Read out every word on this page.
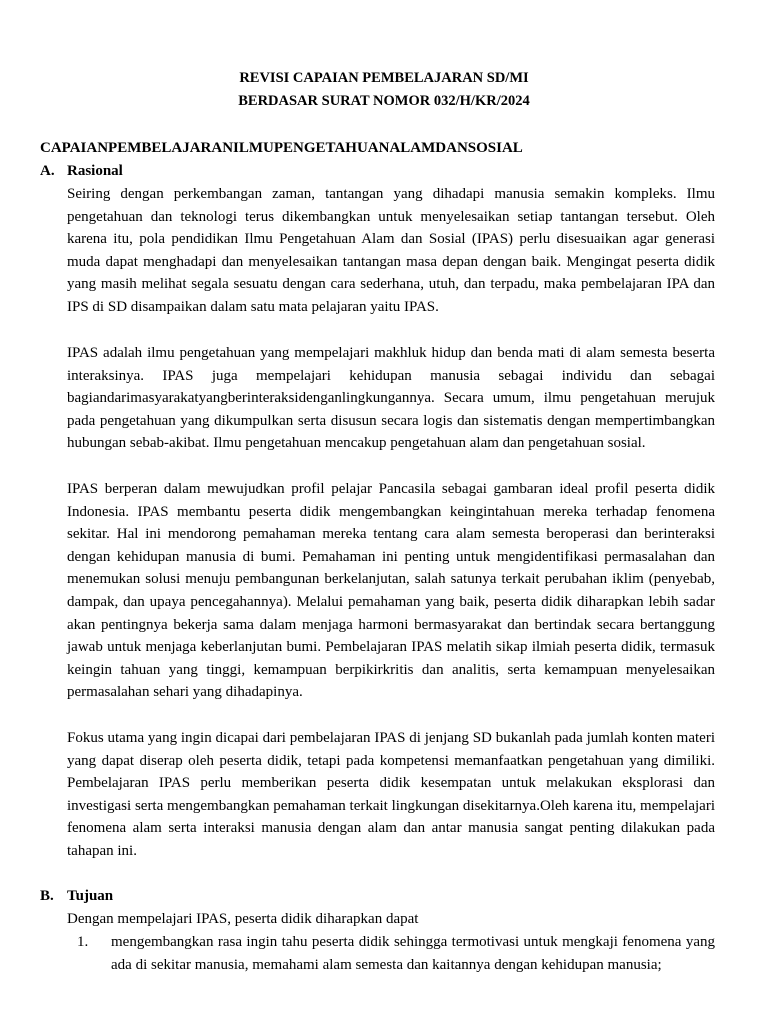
REVISI CAPAIAN PEMBELAJARAN SD/MI
BERDASAR SURAT NOMOR 032/H/KR/2024
CAPAIANPEMBELAJARANILMUPENGETAHUANALAMDANSOSIAL
A. Rasional

Seiring dengan perkembangan zaman, tantangan yang dihadapi manusia semakin kompleks. Ilmu pengetahuan dan teknologi terus dikembangkan untuk menyelesaikan setiap tantangan tersebut. Oleh karena itu, pola pendidikan Ilmu Pengetahuan Alam dan Sosial (IPAS) perlu disesuaikan agar generasi muda dapat menghadapi dan menyelesaikan tantangan masa depan dengan baik. Mengingat peserta didik yang masih melihat segala sesuatu dengan cara sederhana, utuh, dan terpadu, maka pembelajaran IPA dan IPS di SD disampaikan dalam satu mata pelajaran yaitu IPAS.

IPAS adalah ilmu pengetahuan yang mempelajari makhluk hidup dan benda mati di alam semesta beserta interaksinya. IPAS juga mempelajari kehidupan manusia sebagai individu dan sebagai bagiandarimasyarakatyangberinteraksidenganlingkungannya. Secara umum, ilmu pengetahuan merujuk pada pengetahuan yang dikumpulkan serta disusun secara logis dan sistematis dengan mempertimbangkan hubungan sebab-akibat. Ilmu pengetahuan mencakup pengetahuan alam dan pengetahuan sosial.

IPAS berperan dalam mewujudkan profil pelajar Pancasila sebagai gambaran ideal profil peserta didik Indonesia. IPAS membantu peserta didik mengembangkan keingintahuan mereka terhadap fenomena sekitar. Hal ini mendorong pemahaman mereka tentang cara alam semesta beroperasi dan berinteraksi dengan kehidupan manusia di bumi. Pemahaman ini penting untuk mengidentifikasi permasalahan dan menemukan solusi menuju pembangunan berkelanjutan, salah satunya terkait perubahan iklim (penyebab, dampak, dan upaya pencegahannya). Melalui pemahaman yang baik, peserta didik diharapkan lebih sadar akan pentingnya bekerja sama dalam menjaga harmoni bermasyarakat dan bertindak secara bertanggung jawab untuk menjaga keberlanjutan bumi. Pembelajaran IPAS melatih sikap ilmiah peserta didik, termasuk keingin tahuan yang tinggi, kemampuan berpikirkritis dan analitis, serta kemampuan menyelesaikan permasalahan sehari yang dihadapinya.

Fokus utama yang ingin dicapai dari pembelajaran IPAS di jenjang SD bukanlah pada jumlah konten materi yang dapat diserap oleh peserta didik, tetapi pada kompetensi memanfaatkan pengetahuan yang dimiliki. Pembelajaran IPAS perlu memberikan peserta didik kesempatan untuk melakukan eksplorasi dan investigasi serta mengembangkan pemahaman terkait lingkungan disekitarnya.Oleh karena itu, mempelajari fenomena alam serta interaksi manusia dengan alam dan antar manusia sangat penting dilakukan pada tahapan ini.

B. Tujuan

Dengan mempelajari IPAS, peserta didik diharapkan dapat

1. mengembangkan rasa ingin tahu peserta didik sehingga termotivasi untuk mengkaji fenomena yang ada di sekitar manusia, memahami alam semesta dan kaitannya dengan kehidupan manusia;
